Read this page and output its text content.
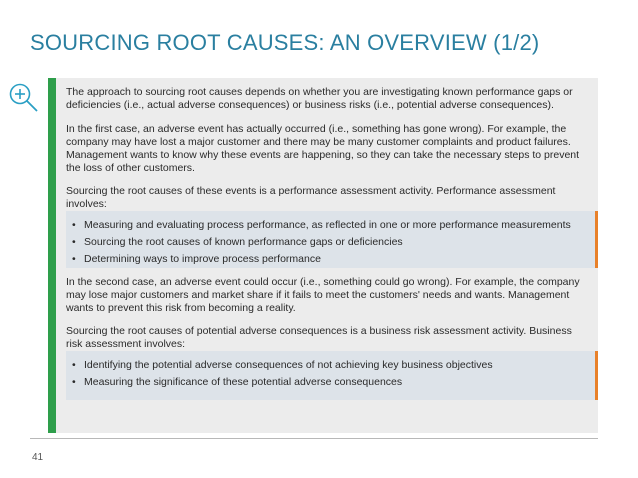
SOURCING ROOT CAUSES: AN OVERVIEW (1/2)
The approach to sourcing root causes depends on whether you are investigating known performance gaps or deficiencies (i.e., actual adverse consequences) or business risks (i.e., potential adverse consequences).
In the first case, an adverse event has actually occurred (i.e., something has gone wrong). For example, the company may have lost a major customer and there may be many customer complaints and product failures. Management wants to know why these events are happening, so they can take the necessary steps to prevent the loss of other customers.
Sourcing the root causes of these events is a performance assessment activity. Performance assessment involves:
• Measuring and evaluating process performance, as reflected in one or more performance measurements
• Sourcing the root causes of known performance gaps or deficiencies
• Determining ways to improve process performance
In the second case, an adverse event could occur (i.e., something could go wrong). For example, the company may lose major customers and market share if it fails to meet the customers' needs and wants. Management wants to prevent this risk from becoming a reality.
Sourcing the root causes of potential adverse consequences is a business risk assessment activity. Business risk assessment involves:
• Identifying the potential adverse consequences of not achieving key business objectives
• Measuring the significance of these potential adverse consequences
41
